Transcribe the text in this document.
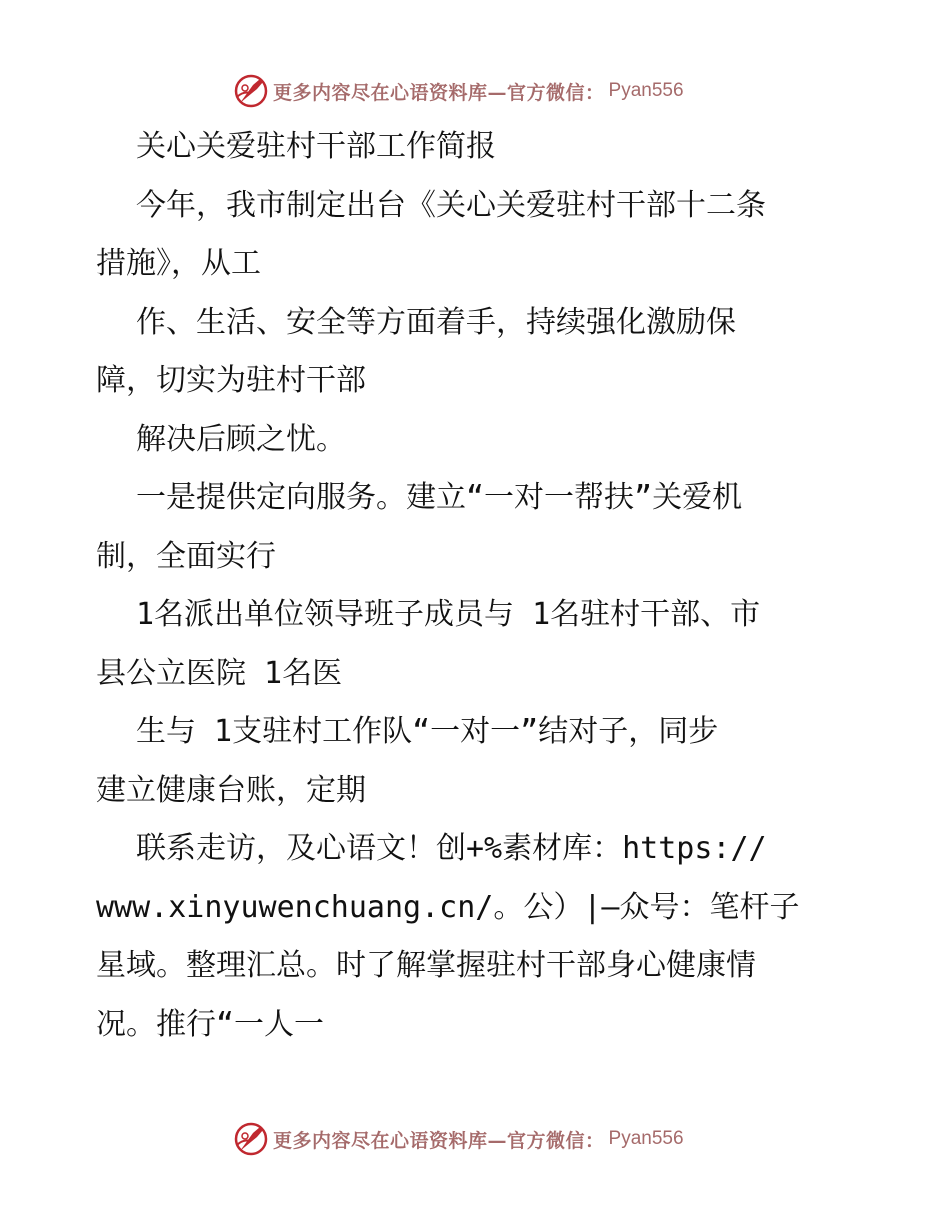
更多内容尽在心语资料库—官方微信： Pyan556
关心关爱驻村干部工作简报
今年，我市制定出台《关心关爱驻村干部十二条
措施》，从工
作、生活、安全等方面着手，持续强化激励保
障，切实为驻村干部
解决后顾之忧。
一是提供定向服务。建立“一对一帮扶”关爱机
制，全面实行
1名派出单位领导班子成员与 1名驻村干部、市
县公立医院 1名医
生与 1支驻村工作队“一对一”结对子，同步
建立健康台账，定期
联系走访，及心语文！创+%素材库：https://
www.xinyuwenchuang.cn/。公）|—众号：笔杆子
星域。整理汇总。时了解掌握驻村干部身心健康情
况。推行“一人一
更多内容尽在心语资料库—官方微信： Pyan556
